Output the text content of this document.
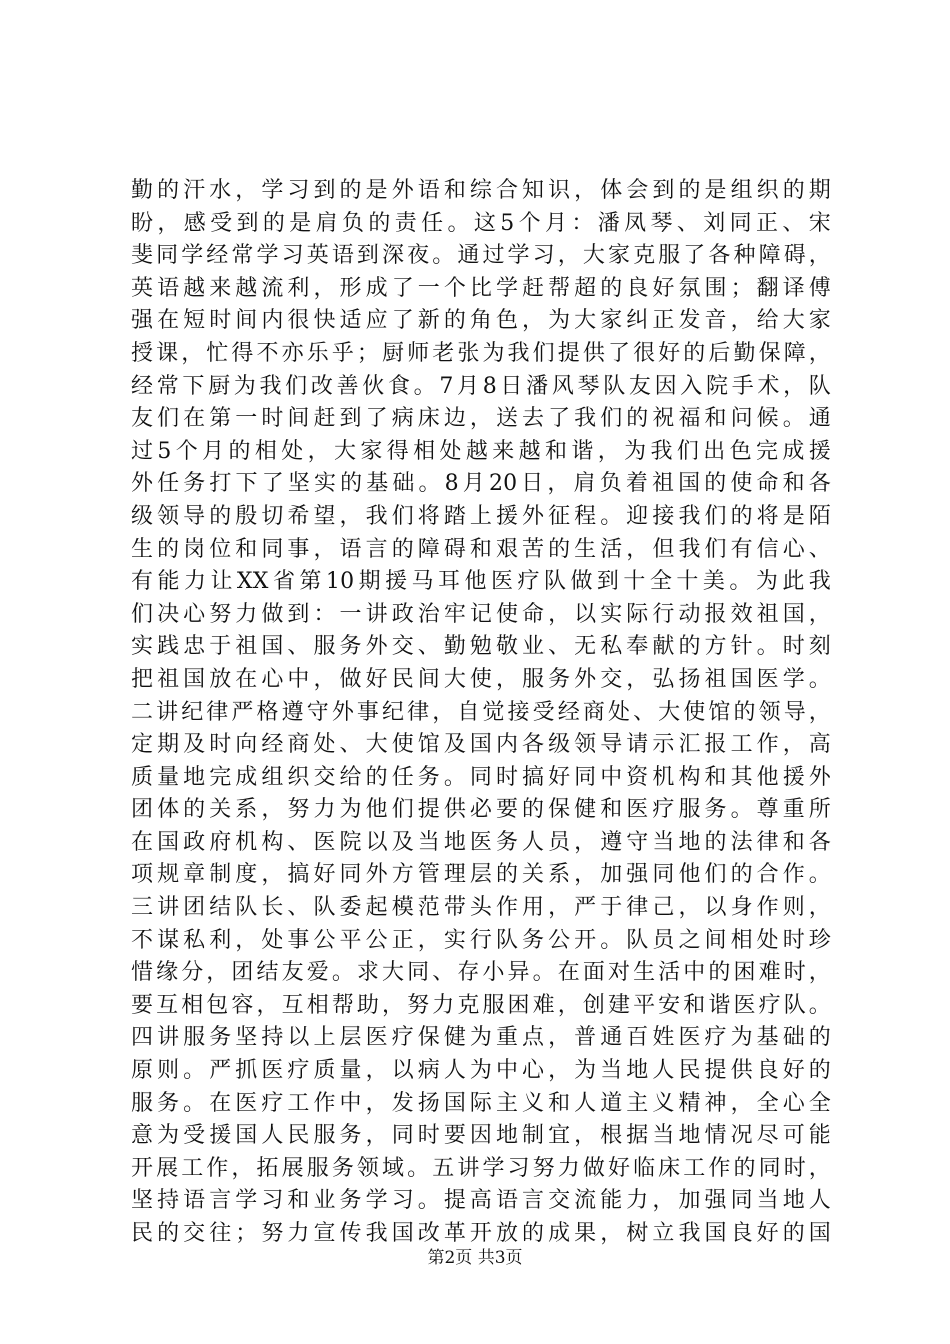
勤的汗水，学习到的是外语和综合知识，体会到的是组织的期
盼，感受到的是肩负的责任。这5个月：潘凤琴、刘同正、宋
斐同学经常学习英语到深夜。通过学习，大家克服了各种障碍，
英语越来越流利，形成了一个比学赶帮超的良好氛围；翻译傅
强在短时间内很快适应了新的角色，为大家纠正发音，给大家
授课，忙得不亦乐乎；厨师老张为我们提供了很好的后勤保障，
经常下厨为我们改善伙食。7月8日潘风琴队友因入院手术，队
友们在第一时间赶到了病床边，送去了我们的祝福和问候。通
过5个月的相处，大家得相处越来越和谐，为我们出色完成援
外任务打下了坚实的基础。8月20日，肩负着祖国的使命和各
级领导的殷切希望，我们将踏上援外征程。迎接我们的将是陌
生的岗位和同事，语言的障碍和艰苦的生活，但我们有信心、
有能力让XX省第10期援马耳他医疗队做到十全十美。为此我
们决心努力做到：一讲政治牢记使命，以实际行动报效祖国，
实践忠于祖国、服务外交、勤勉敬业、无私奉献的方针。时刻
把祖国放在心中，做好民间大使，服务外交，弘扬祖国医学。
二讲纪律严格遵守外事纪律，自觉接受经商处、大使馆的领导，
定期及时向经商处、大使馆及国内各级领导请示汇报工作，高
质量地完成组织交给的任务。同时搞好同中资机构和其他援外
团体的关系，努力为他们提供必要的保健和医疗服务。尊重所
在国政府机构、医院以及当地医务人员，遵守当地的法律和各
项规章制度，搞好同外方管理层的关系，加强同他们的合作。
三讲团结队长、队委起模范带头作用，严于律己，以身作则，
不谋私利，处事公平公正，实行队务公开。队员之间相处时珍
惜缘分，团结友爱。求大同、存小异。在面对生活中的困难时，
要互相包容，互相帮助，努力克服困难，创建平安和谐医疗队。
四讲服务坚持以上层医疗保健为重点，普通百姓医疗为基础的
原则。严抓医疗质量，以病人为中心，为当地人民提供良好的
服务。在医疗工作中，发扬国际主义和人道主义精神，全心全
意为受援国人民服务，同时要因地制宜，根据当地情况尽可能
开展工作，拓展服务领域。五讲学习努力做好临床工作的同时，
坚持语言学习和业务学习。提高语言交流能力，加强同当地人
民的交往；努力宣传我国改革开放的成果，树立我国良好的国
第2页 共3页
